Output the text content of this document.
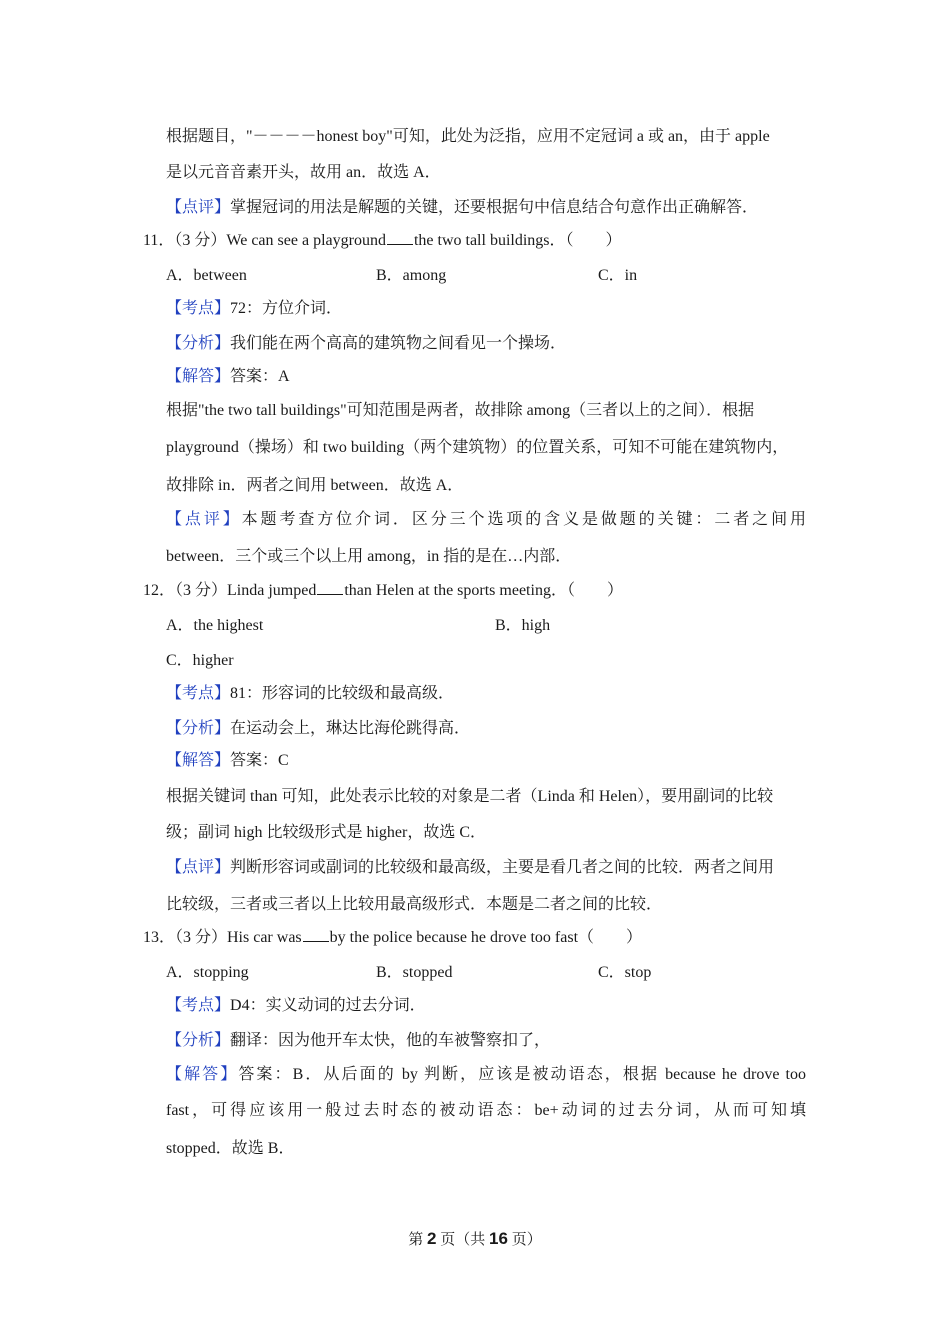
根据题目，"－－－－honest boy"可知，此处为泛指，应用不定冠词 a 或 an，由于 apple
是以元音音素开头，故用 an．故选 A．
【点评】掌握冠词的用法是解题的关键，还要根据句中信息结合句意作出正确解答．
11．（3 分）We can see a playground the two tall buildings．（　　）
A．between	B．among	C．in
【考点】72：方位介词．
【分析】我们能在两个高高的建筑物之间看见一个操场．
【解答】答案：A
根据"the two tall buildings"可知范围是两者，故排除 among（三者以上的之间）．根据
playground（操场）和 two building（两个建筑物）的位置关系，可知不可能在建筑物内，
故排除 in．两者之间用 between．故选 A．
【点评】本题考查方位介词．区分三个选项的含义是做题的关键：二者之间用
between．三个或三个以上用 among，in 指的是在…内部．
12．（3 分）Linda jumped than Helen at the sports meeting．（　　）
A．the highest	B．high
C．higher
【考点】81：形容词的比较级和最高级．
【分析】在运动会上，琳达比海伦跳得高．
【解答】答案：C
根据关键词 than 可知，此处表示比较的对象是二者（Linda 和 Helen），要用副词的比较
级；副词 high 比较级形式是 higher，故选 C．
【点评】判断形容词或副词的比较级和最高级，主要是看几者之间的比较．两者之间用
比较级，三者或三者以上比较用最高级形式．本题是二者之间的比较．
13．（3 分）His car was by the police because he drove too fast（　　）
A．stopping	B．stopped	C．stop
【考点】D4：实义动词的过去分词．
【分析】翻译：因为他开车太快，他的车被警察扣了，
【解答】答案：B．从后面的 by 判断，应该是被动语态，根据 because he drove too
fast，可得应该用一般过去时态的被动语态：be+动词的过去分词，从而可知填
stopped．故选 B．
第 2 页（共 16 页）
